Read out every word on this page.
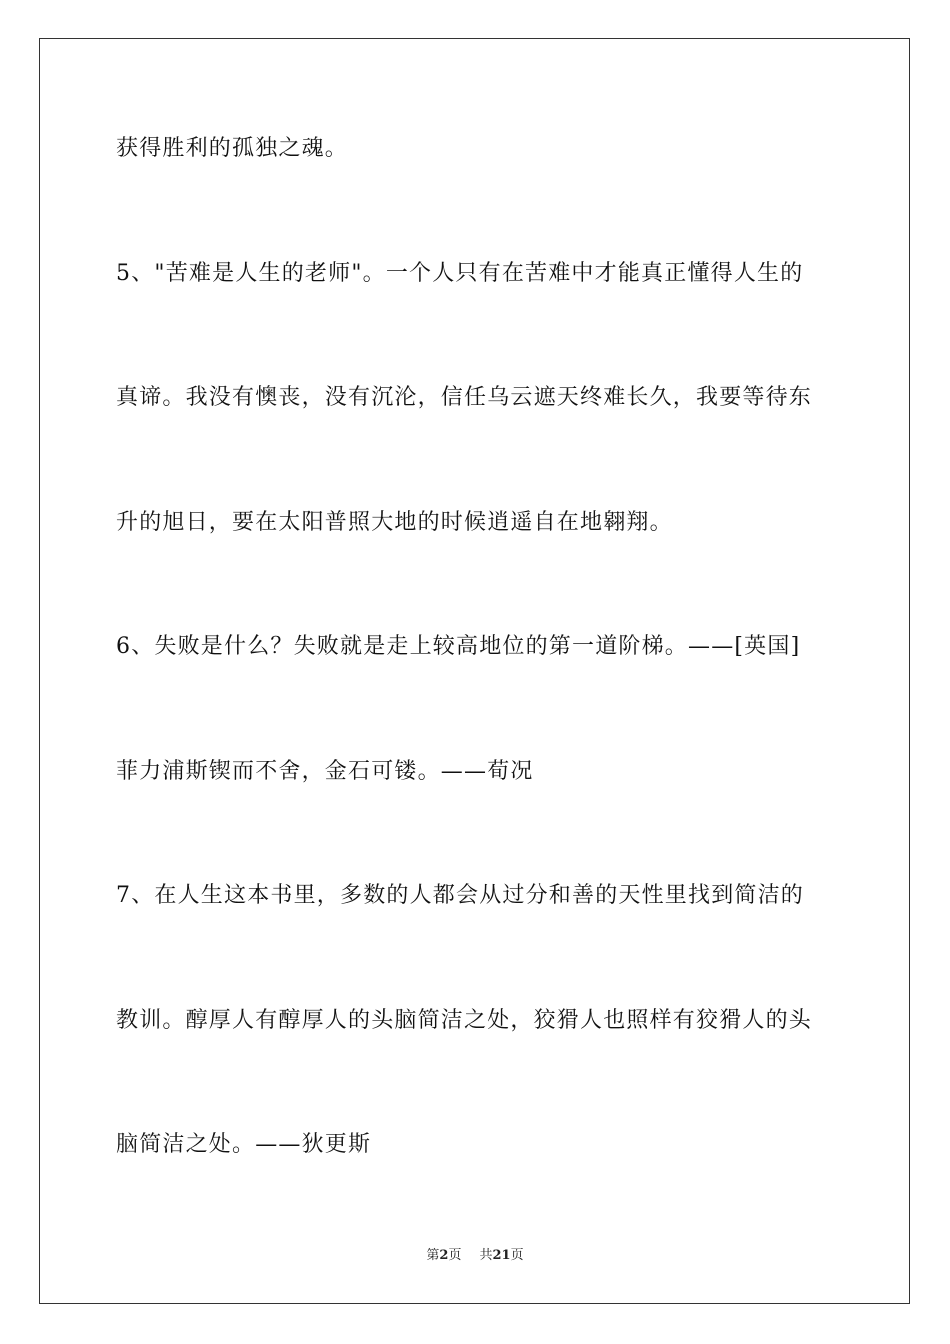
获得胜利的孤独之魂。
5、"苦难是人生的老师"。一个人只有在苦难中才能真正懂得人生的
真谛。我没有懊丧，没有沉沦，信任乌云遮天终难长久，我要等待东
升的旭日，要在太阳普照大地的时候逍遥自在地翱翔。
6、失败是什么？失败就是走上较高地位的第一道阶梯。——[英国]
菲力浦斯锲而不舍，金石可镂。——荀况
7、在人生这本书里，多数的人都会从过分和善的天性里找到简洁的
教训。醇厚人有醇厚人的头脑简洁之处，狡猾人也照样有狡猾人的头
脑简洁之处。——狄更斯
第2页 共21页
